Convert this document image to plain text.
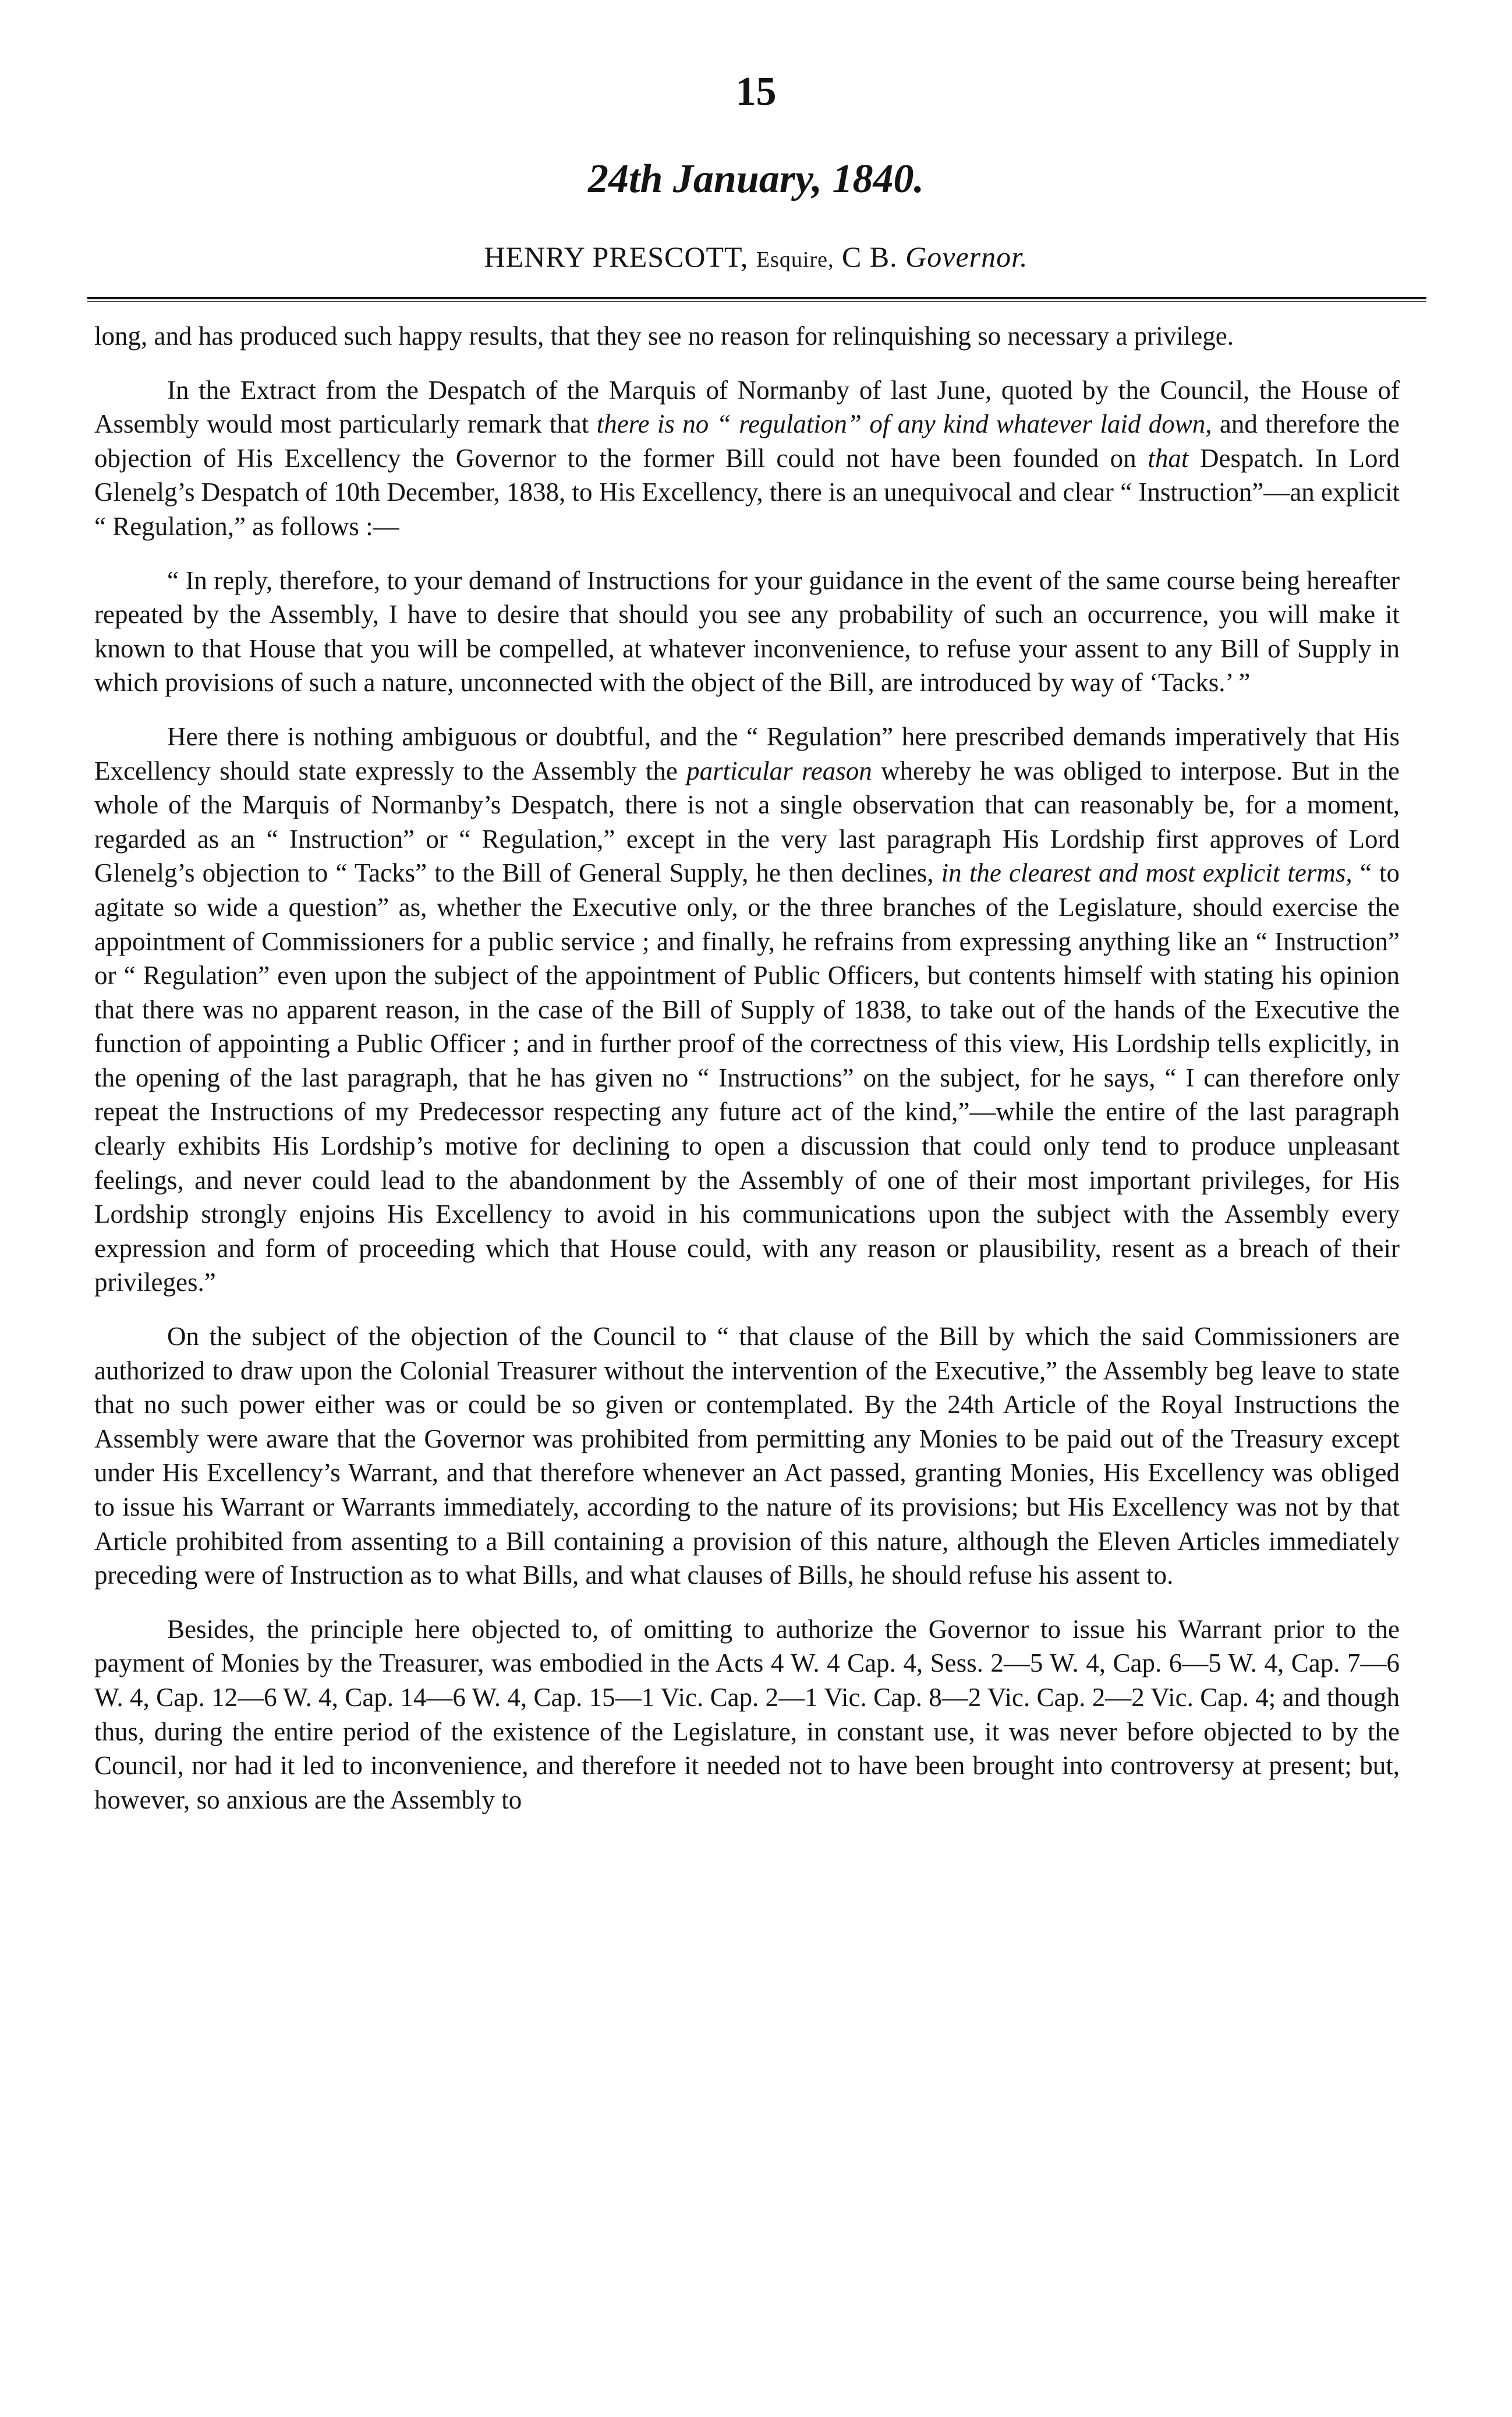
15
24th January, 1840.
HENRY PRESCOTT, Esquire, C B. Governor.

long, and has produced such happy results, that they see no reason for relinquishing so necessary a privilege.

In the Extract from the Despatch of the Marquis of Normanby of last June, quoted by the Council, the House of Assembly would most particularly remark that there is no “ regulation” of any kind whatever laid down, and therefore the objection of His Excellency the Governor to the former Bill could not have been founded on that Despatch. In Lord Glenelg’s Despatch of 10th December, 1838, to His Excellency, there is an unequivocal and clear “ Instruction”—an explicit “ Regulation,” as follows :—

“ In reply, therefore, to your demand of Instructions for your guidance in the event of the same course being hereafter repeated by the Assembly, I have to desire that should you see any probability of such an occurrence, you will make it known to that House that you will be compelled, at whatever inconvenience, to refuse your assent to any Bill of Supply in which provisions of such a nature, unconnected with the object of the Bill, are introduced by way of ‘Tacks.’ ”

Here there is nothing ambiguous or doubtful, and the “ Regulation” here prescribed demands imperatively that His Excellency should state expressly to the Assembly the particular reason whereby he was obliged to interpose. But in the whole of the Marquis of Normanby’s Despatch, there is not a single observation that can reasonably be, for a moment, regarded as an “ Instruction” or “ Regulation,” except in the very last paragraph His Lordship first approves of Lord Glenelg’s objection to “ Tacks” to the Bill of General Supply, he then declines, in the clearest and most explicit terms, “ to agitate so wide a question” as, whether the Executive only, or the three branches of the Legislature, should exercise the appointment of Commissioners for a public service ; and finally, he refrains from expressing anything like an “ Instruction” or “ Regulation” even upon the subject of the appointment of Public Officers, but contents himself with stating his opinion that there was no apparent reason, in the case of the Bill of Supply of 1838, to take out of the hands of the Executive the function of appointing a Public Officer ; and in further proof of the correctness of this view, His Lordship tells explicitly, in the opening of the last paragraph, that he has given no “ Instructions” on the subject, for he says, “ I can therefore only repeat the Instructions of my Predecessor respecting any future act of the kind,”—while the entire of the last paragraph clearly exhibits His Lordship’s motive for declining to open a discussion that could only tend to produce unpleasant feelings, and never could lead to the abandonment by the Assembly of one of their most important privileges, for His Lordship strongly enjoins His Excellency to avoid in his communications upon the subject with the Assembly every expression and form of proceeding which that House could, with any reason or plausibility, resent as a breach of their privileges.”

On the subject of the objection of the Council to “ that clause of the Bill by which the said Commissioners are authorized to draw upon the Colonial Treasurer without the intervention of the Executive,” the Assembly beg leave to state that no such power either was or could be so given or contemplated. By the 24th Article of the Royal Instructions the Assembly were aware that the Governor was prohibited from permitting any Monies to be paid out of the Treasury except under His Excellency’s Warrant, and that therefore whenever an Act passed, granting Monies, His Excellency was obliged to issue his Warrant or Warrants immediately, according to the nature of its provisions; but His Excellency was not by that Article prohibited from assenting to a Bill containing a provision of this nature, although the Eleven Articles immediately preceding were of Instruction as to what Bills, and what clauses of Bills, he should refuse his assent to.

Besides, the principle here objected to, of omitting to authorize the Governor to issue his Warrant prior to the payment of Monies by the Treasurer, was embodied in the Acts 4 W. 4 Cap. 4, Sess. 2—5 W. 4, Cap. 6—5 W. 4, Cap. 7—6 W. 4, Cap. 12—6 W. 4, Cap. 14—6 W. 4, Cap. 15—1 Vic. Cap. 2—1 Vic. Cap. 8—2 Vic. Cap. 2—2 Vic. Cap. 4; and though thus, during the entire period of the existence of the Legislature, in constant use, it was never before objected to by the Council, nor had it led to inconvenience, and therefore it needed not to have been brought into controversy at present; but, however, so anxious are the Assembly to
